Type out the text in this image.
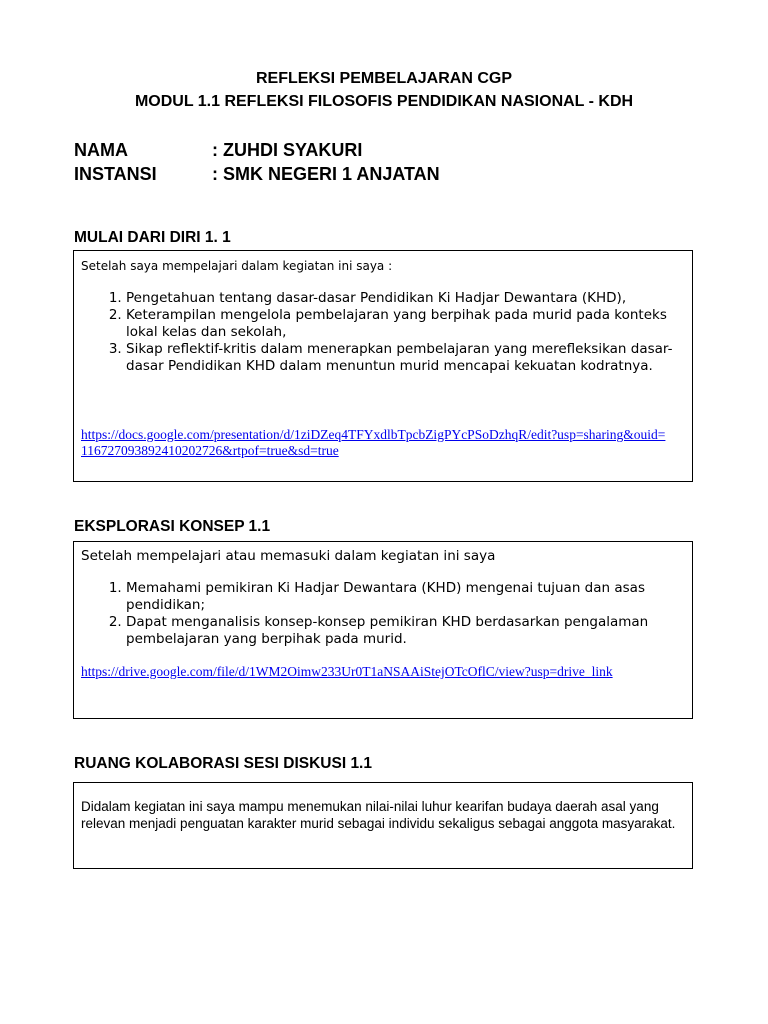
REFLEKSI PEMBELAJARAN CGP
MODUL 1.1 REFLEKSI FILOSOFIS PENDIDIKAN NASIONAL - KDH
NAMA	: ZUHDI SYAKURI
INSTANSI	: SMK NEGERI 1 ANJATAN
MULAI DARI DIRI 1. 1
Setelah saya mempelajari dalam kegiatan ini saya :
1. Pengetahuan tentang dasar-dasar Pendidikan Ki Hadjar Dewantara (KHD),
2. Keterampilan mengelola pembelajaran yang berpihak pada murid pada konteks lokal kelas dan sekolah,
3. Sikap reflektif-kritis dalam menerapkan pembelajaran yang merefleksikan dasar-dasar Pendidikan KHD dalam menuntun murid mencapai kekuatan kodratnya.
https://docs.google.com/presentation/d/1ziDZeq4TFYxdlbTpcbZigPYcPSoDzhqR/edit?usp=sharing&ouid=116727093892410202726&rtpof=true&sd=true
EKSPLORASI KONSEP 1.1
Setelah mempelajari atau memasuki dalam kegiatan ini saya
1. Memahami pemikiran Ki Hadjar Dewantara (KHD) mengenai tujuan dan asas pendidikan;
2. Dapat menganalisis konsep-konsep pemikiran KHD berdasarkan pengalaman pembelajaran yang berpihak pada murid.
https://drive.google.com/file/d/1WM2Oimw233Ur0T1aNSAAiStejOTcOflC/view?usp=drive_link
RUANG KOLABORASI SESI DISKUSI 1.1
Didalam kegiatan ini saya mampu menemukan nilai-nilai luhur kearifan budaya daerah asal yang relevan menjadi penguatan karakter murid sebagai individu sekaligus sebagai anggota masyarakat.
